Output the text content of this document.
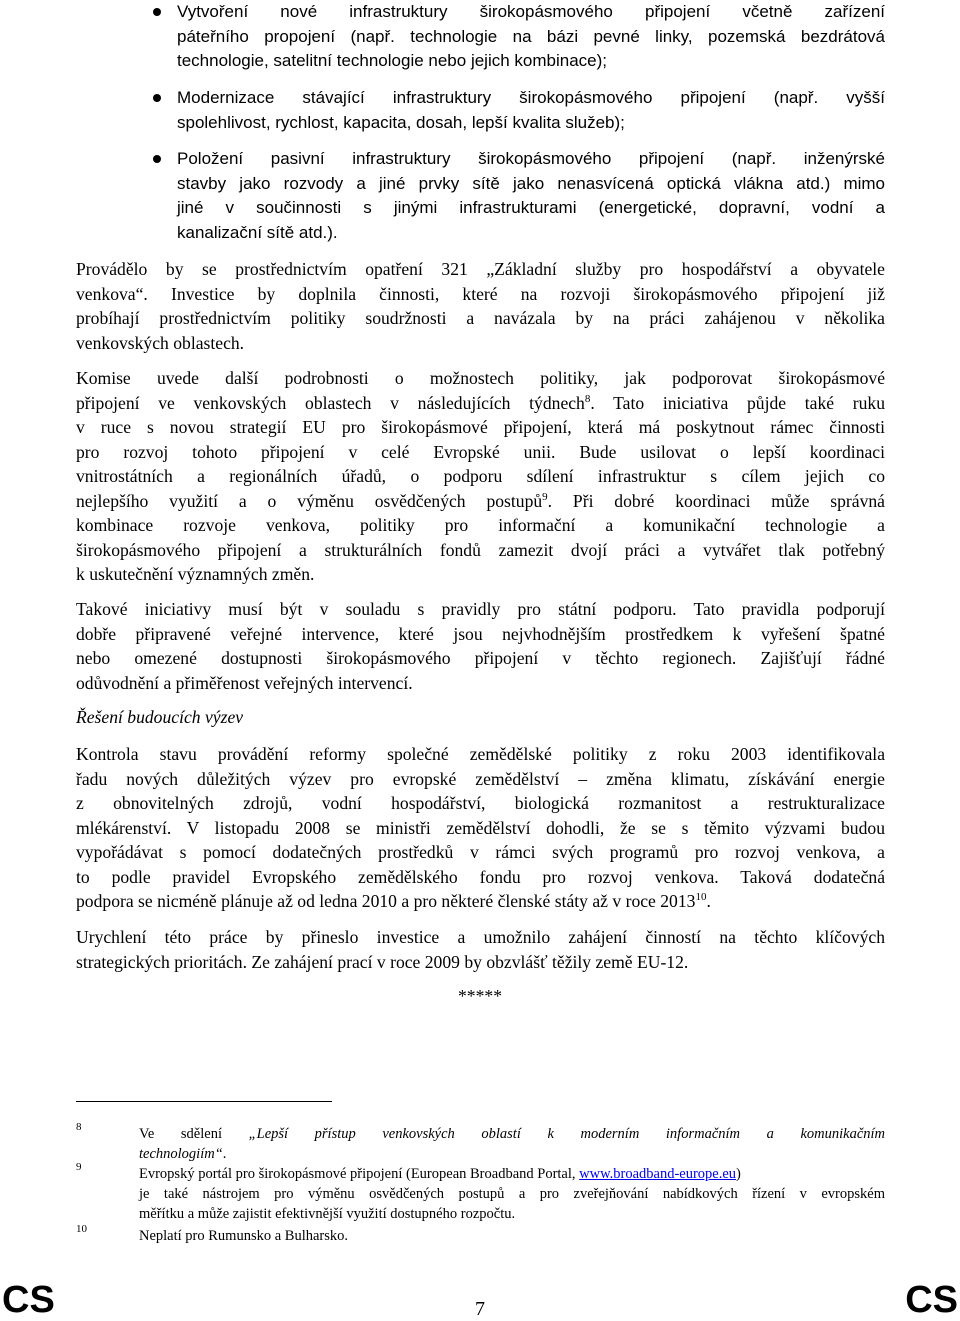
Vytvoření nové infrastruktury širokopásmového připojení včetně zařízení
páteřního propojení (např. technologie na bázi pevné linky, pozemská bezdrátová
technologie, satelitní technologie nebo jejich kombinace);
Modernizace stávající infrastruktury širokopásmového připojení (např. vyšší
spolehlivost, rychlost, kapacita, dosah, lepší kvalita služeb);
Položení pasivní infrastruktury širokopásmového připojení (např. inženýrské
stavby jako rozvody a jiné prvky sítě jako nenasvícená optická vlákna atd.) mimo
jiné v součinnosti s jinými infrastrukturami (energetické, dopravní, vodní a
kanalizační sítě atd.).
Provádělo by se prostřednictvím opatření 321 „Základní služby pro hospodářství a obyvatele
venkova“. Investice by doplnila činnosti, které na rozvoji širokopásmového připojení již
probíhají prostřednictvím politiky soudržnosti a navázala by na práci zahájenou v několika
venkovských oblastech.
Komise uvede další podrobnosti o možnostech politiky, jak podporovat širokopásmové
připojení ve venkovských oblastech v následujících týdnech$^8$. Tato iniciativa půjde také ruku
v ruce s novou strategií EU pro širokopásmové připojení, která má poskytnout rámec činnosti
pro rozvoj tohoto připojení v celé Evropské unii. Bude usilovat o lepší koordinaci
vnitrostátních a regionálních úřadů, o podporu sdílení infrastruktur s cílem jejich co
nejlepšího využití a o výměnu osvědčených postupů$^9$. Při dobré koordinaci může správná
kombinace rozvoje venkova, politiky pro informační a komunikační technologie a
širokopásmového připojení a strukturálních fondů zamezit dvojí práci a vytvářet tlak potřebný
k uskutečnění významných změn.
Takové iniciativy musí být v souladu s pravidly pro státní podporu. Tato pravidla podporují
dobře připravené veřejné intervence, které jsou nejvhodnějším prostředkem k vyřešení špatné
nebo omezené dostupnosti širokopásmového připojení v těchto regionech. Zajišťují řádné
odůvodnění a přiměřenost veřejných intervencí.
Řešení budoucích výzev
Kontrola stavu provádění reformy společné zemědělské politiky z roku 2003 identifikovala
řadu nových důležitých výzev pro evropské zemědělství – změna klimatu, získávání energie
z obnovitelných zdrojů, vodní hospodářství, biologická rozmanitost a restrukturalizace
mlékárenství. V listopadu 2008 se ministři zemědělství dohodli, že se s těmito výzvami budou
vypořádávat s pomocí dodatečných prostředků v rámci svých programů pro rozvoj venkova, a
to podle pravidel Evropského zemědělského fondu pro rozvoj venkova. Taková dodatečná
podpora se nicméně plánuje až od ledna 2010 a pro některé členské státy až v roce 2013$^{10}$.
Urychlení této práce by přineslo investice a umožnilo zahájení činností na těchto klíčových
strategických prioritách. Ze zahájení prací v roce 2009 by obzvlášť těžily země EU-12.
*****
8	Ve sdělení „Lepší přístup venkovských oblastí k moderním informačním a komunikačním
technologiím“.
9	Evropský portál pro širokopásmové připojení (European Broadband Portal, www.broadband-europe.eu)
je také nástrojem pro výměnu osvědčených postupů a pro zveřejňování nabídkových řízení v evropském
měřítku a může zajistit efektivnější využití dostupného rozpočtu.
10	Neplatí pro Rumunsko a Bulharsko.
CS	7	CS
